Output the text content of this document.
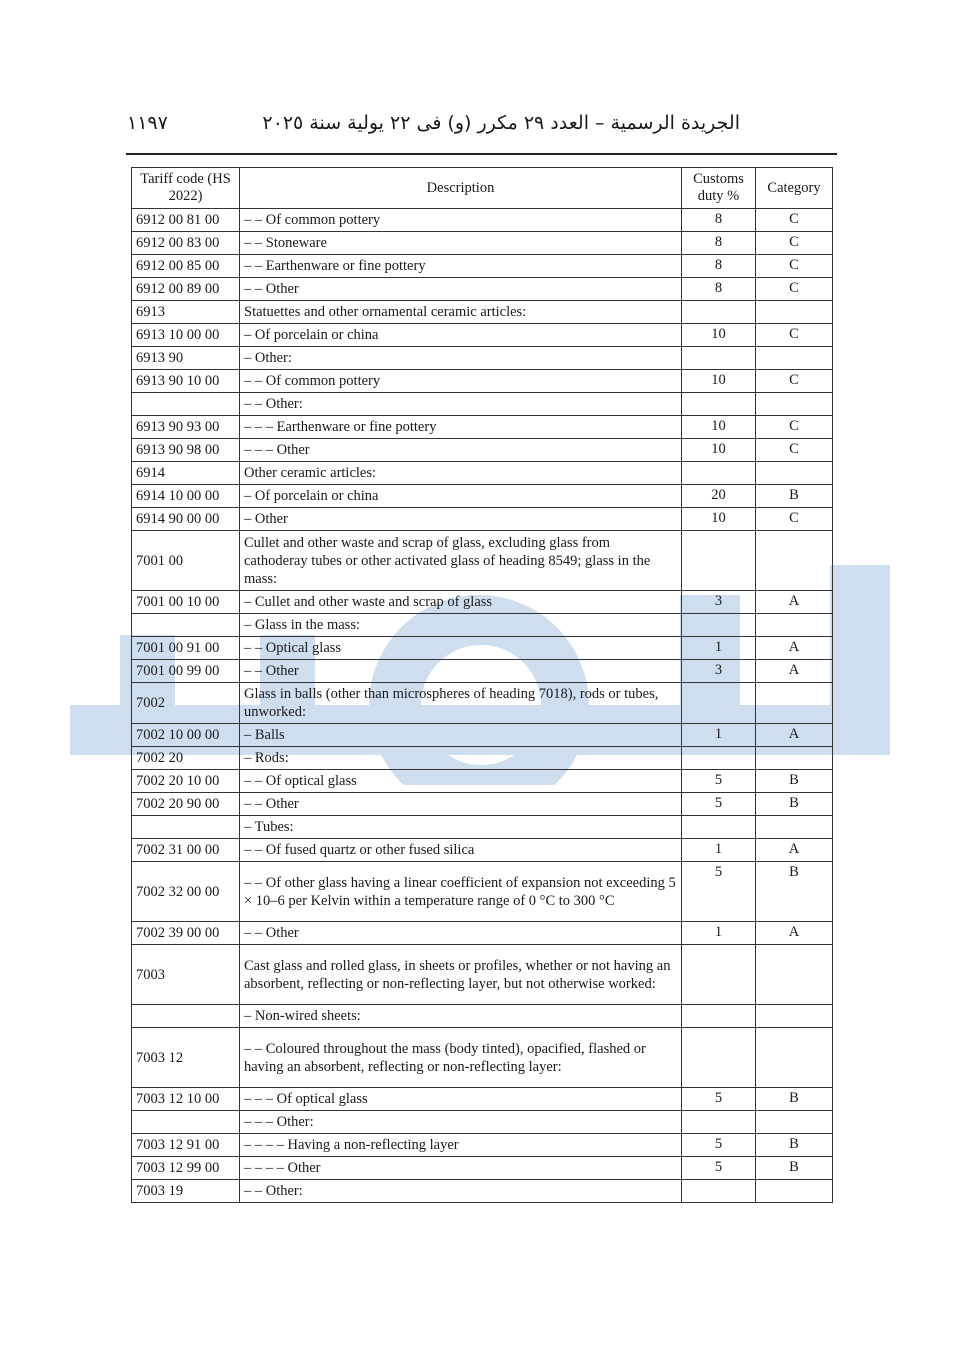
١١٩٧	الجريدة الرسمية – العدد ٢٩ مكرر (و) فى ٢٢ يولية سنة ٢٠٢٥
Tariff code (HS 2022)	Description	Customs duty %	Category
6912 00 81 00	– – Of common pottery	8	C
6912 00 83 00	– – Stoneware	8	C
6912 00 85 00	– – Earthenware or fine pottery	8	C
6912 00 89 00	– – Other	8	C
6913	Statuettes and other ornamental ceramic articles:		
6913 10 00 00	– Of porcelain or china	10	C
6913 90	– Other:		
6913 90 10 00	– – Of common pottery	10	C
	– – Other:		
6913 90 93 00	– – – Earthenware or fine pottery	10	C
6913 90 98 00	– – – Other	10	C
6914	Other ceramic articles:		
6914 10 00 00	– Of porcelain or china	20	B
6914 90 00 00	– Other	10	C
7001 00	Cullet and other waste and scrap of glass, excluding glass from cathoderay tubes or other activated glass of heading 8549; glass in the mass:		
7001 00 10 00	– Cullet and other waste and scrap of glass	3	A
	– Glass in the mass:		
7001 00 91 00	– – Optical glass	1	A
7001 00 99 00	– – Other	3	A
7002	Glass in balls (other than microspheres of heading 7018), rods or tubes, unworked:		
7002 10 00 00	– Balls	1	A
7002 20	– Rods:		
7002 20 10 00	– – Of optical glass	5	B
7002 20 90 00	– – Other	5	B
	– Tubes:		
7002 31 00 00	– – Of fused quartz or other fused silica	1	A
7002 32 00 00	– – Of other glass having a linear coefficient of expansion not exceeding 5 × 10–6 per Kelvin within a temperature range of 0 °C to 300 °C	5	B
7002 39 00 00	– – Other	1	A
7003	Cast glass and rolled glass, in sheets or profiles, whether or not having an absorbent, reflecting or non-reflecting layer, but not otherwise worked:		
	– Non-wired sheets:		
7003 12	– – Coloured throughout the mass (body tinted), opacified, flashed or having an absorbent, reflecting or non-reflecting layer:		
7003 12 10 00	– – – Of optical glass	5	B
	– – – Other:		
7003 12 91 00	– – – – Having a non-reflecting layer	5	B
7003 12 99 00	– – – – Other	5	B
7003 19	– – Other:		
